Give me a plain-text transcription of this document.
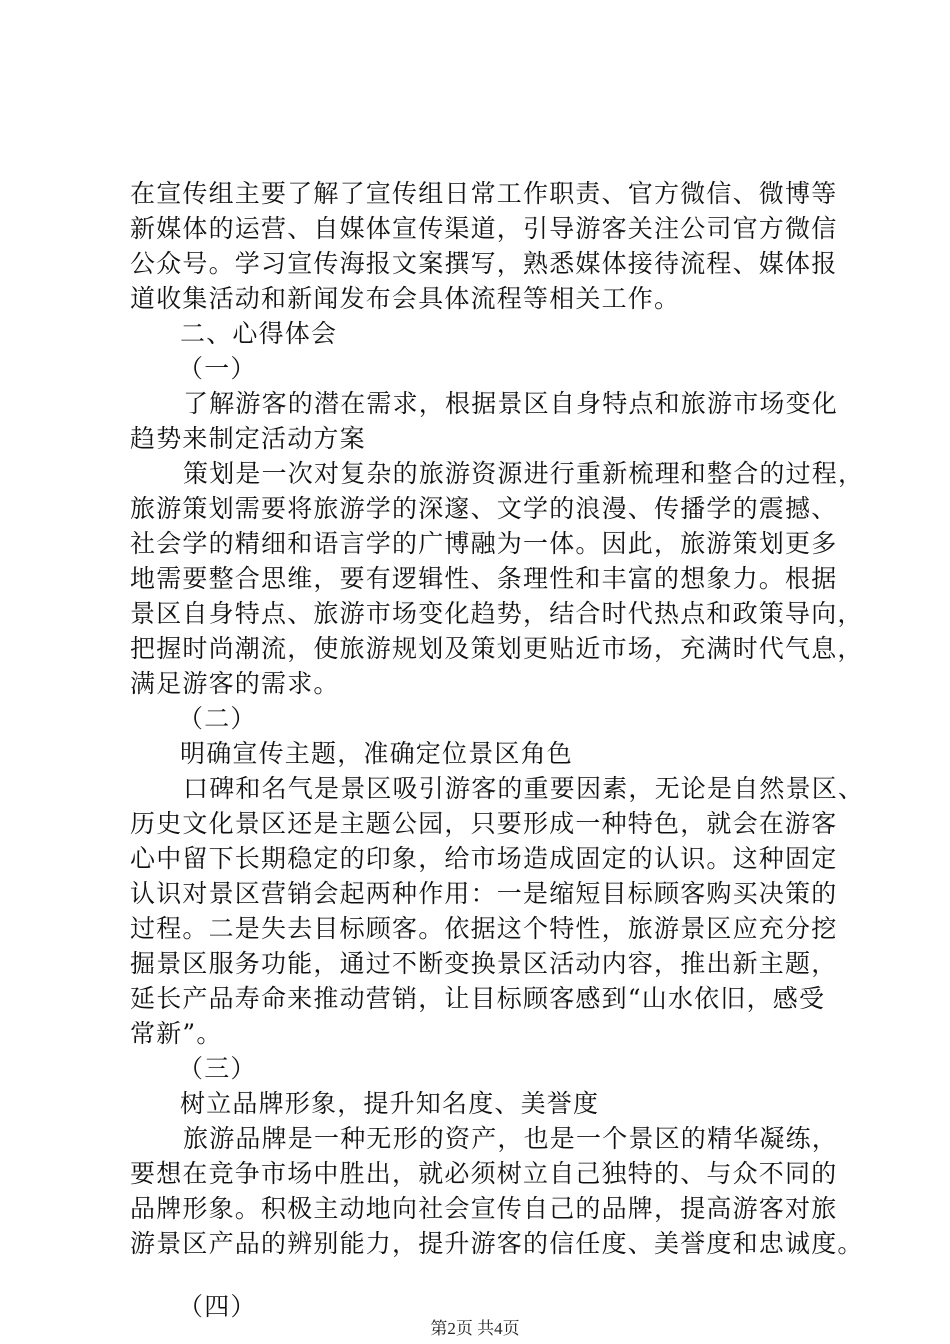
在宣传组主要了解了宣传组日常工作职责、官方微信、微博等
新媒体的运营、自媒体宣传渠道，引导游客关注公司官方微信
公众号。学习宣传海报文案撰写，熟悉媒体接待流程、媒体报
道收集活动和新闻发布会具体流程等相关工作。
二、心得体会
（一）
了解游客的潜在需求，根据景区自身特点和旅游市场变化
趋势来制定活动方案
策划是一次对复杂的旅游资源进行重新梳理和整合的过程，
旅游策划需要将旅游学的深邃、文学的浪漫、传播学的震撼、
社会学的精细和语言学的广博融为一体。因此，旅游策划更多
地需要整合思维，要有逻辑性、条理性和丰富的想象力。根据
景区自身特点、旅游市场变化趋势，结合时代热点和政策导向，
把握时尚潮流，使旅游规划及策划更贴近市场，充满时代气息，
满足游客的需求。
（二）
明确宣传主题，准确定位景区角色
口碑和名气是景区吸引游客的重要因素，无论是自然景区、
历史文化景区还是主题公园，只要形成一种特色，就会在游客
心中留下长期稳定的印象，给市场造成固定的认识。这种固定
认识对景区营销会起两种作用：一是缩短目标顾客购买决策的
过程。二是失去目标顾客。依据这个特性，旅游景区应充分挖
掘景区服务功能，通过不断变换景区活动内容，推出新主题，
延长产品寿命来推动营销，让目标顾客感到“山水依旧，感受
常新”。
（三）
树立品牌形象，提升知名度、美誉度
旅游品牌是一种无形的资产，也是一个景区的精华凝练，
要想在竞争市场中胜出，就必须树立自己独特的、与众不同的
品牌形象。积极主动地向社会宣传自己的品牌，提高游客对旅
游景区产品的辨别能力，提升游客的信任度、美誉度和忠诚度。
（四）
第2页 共4页
